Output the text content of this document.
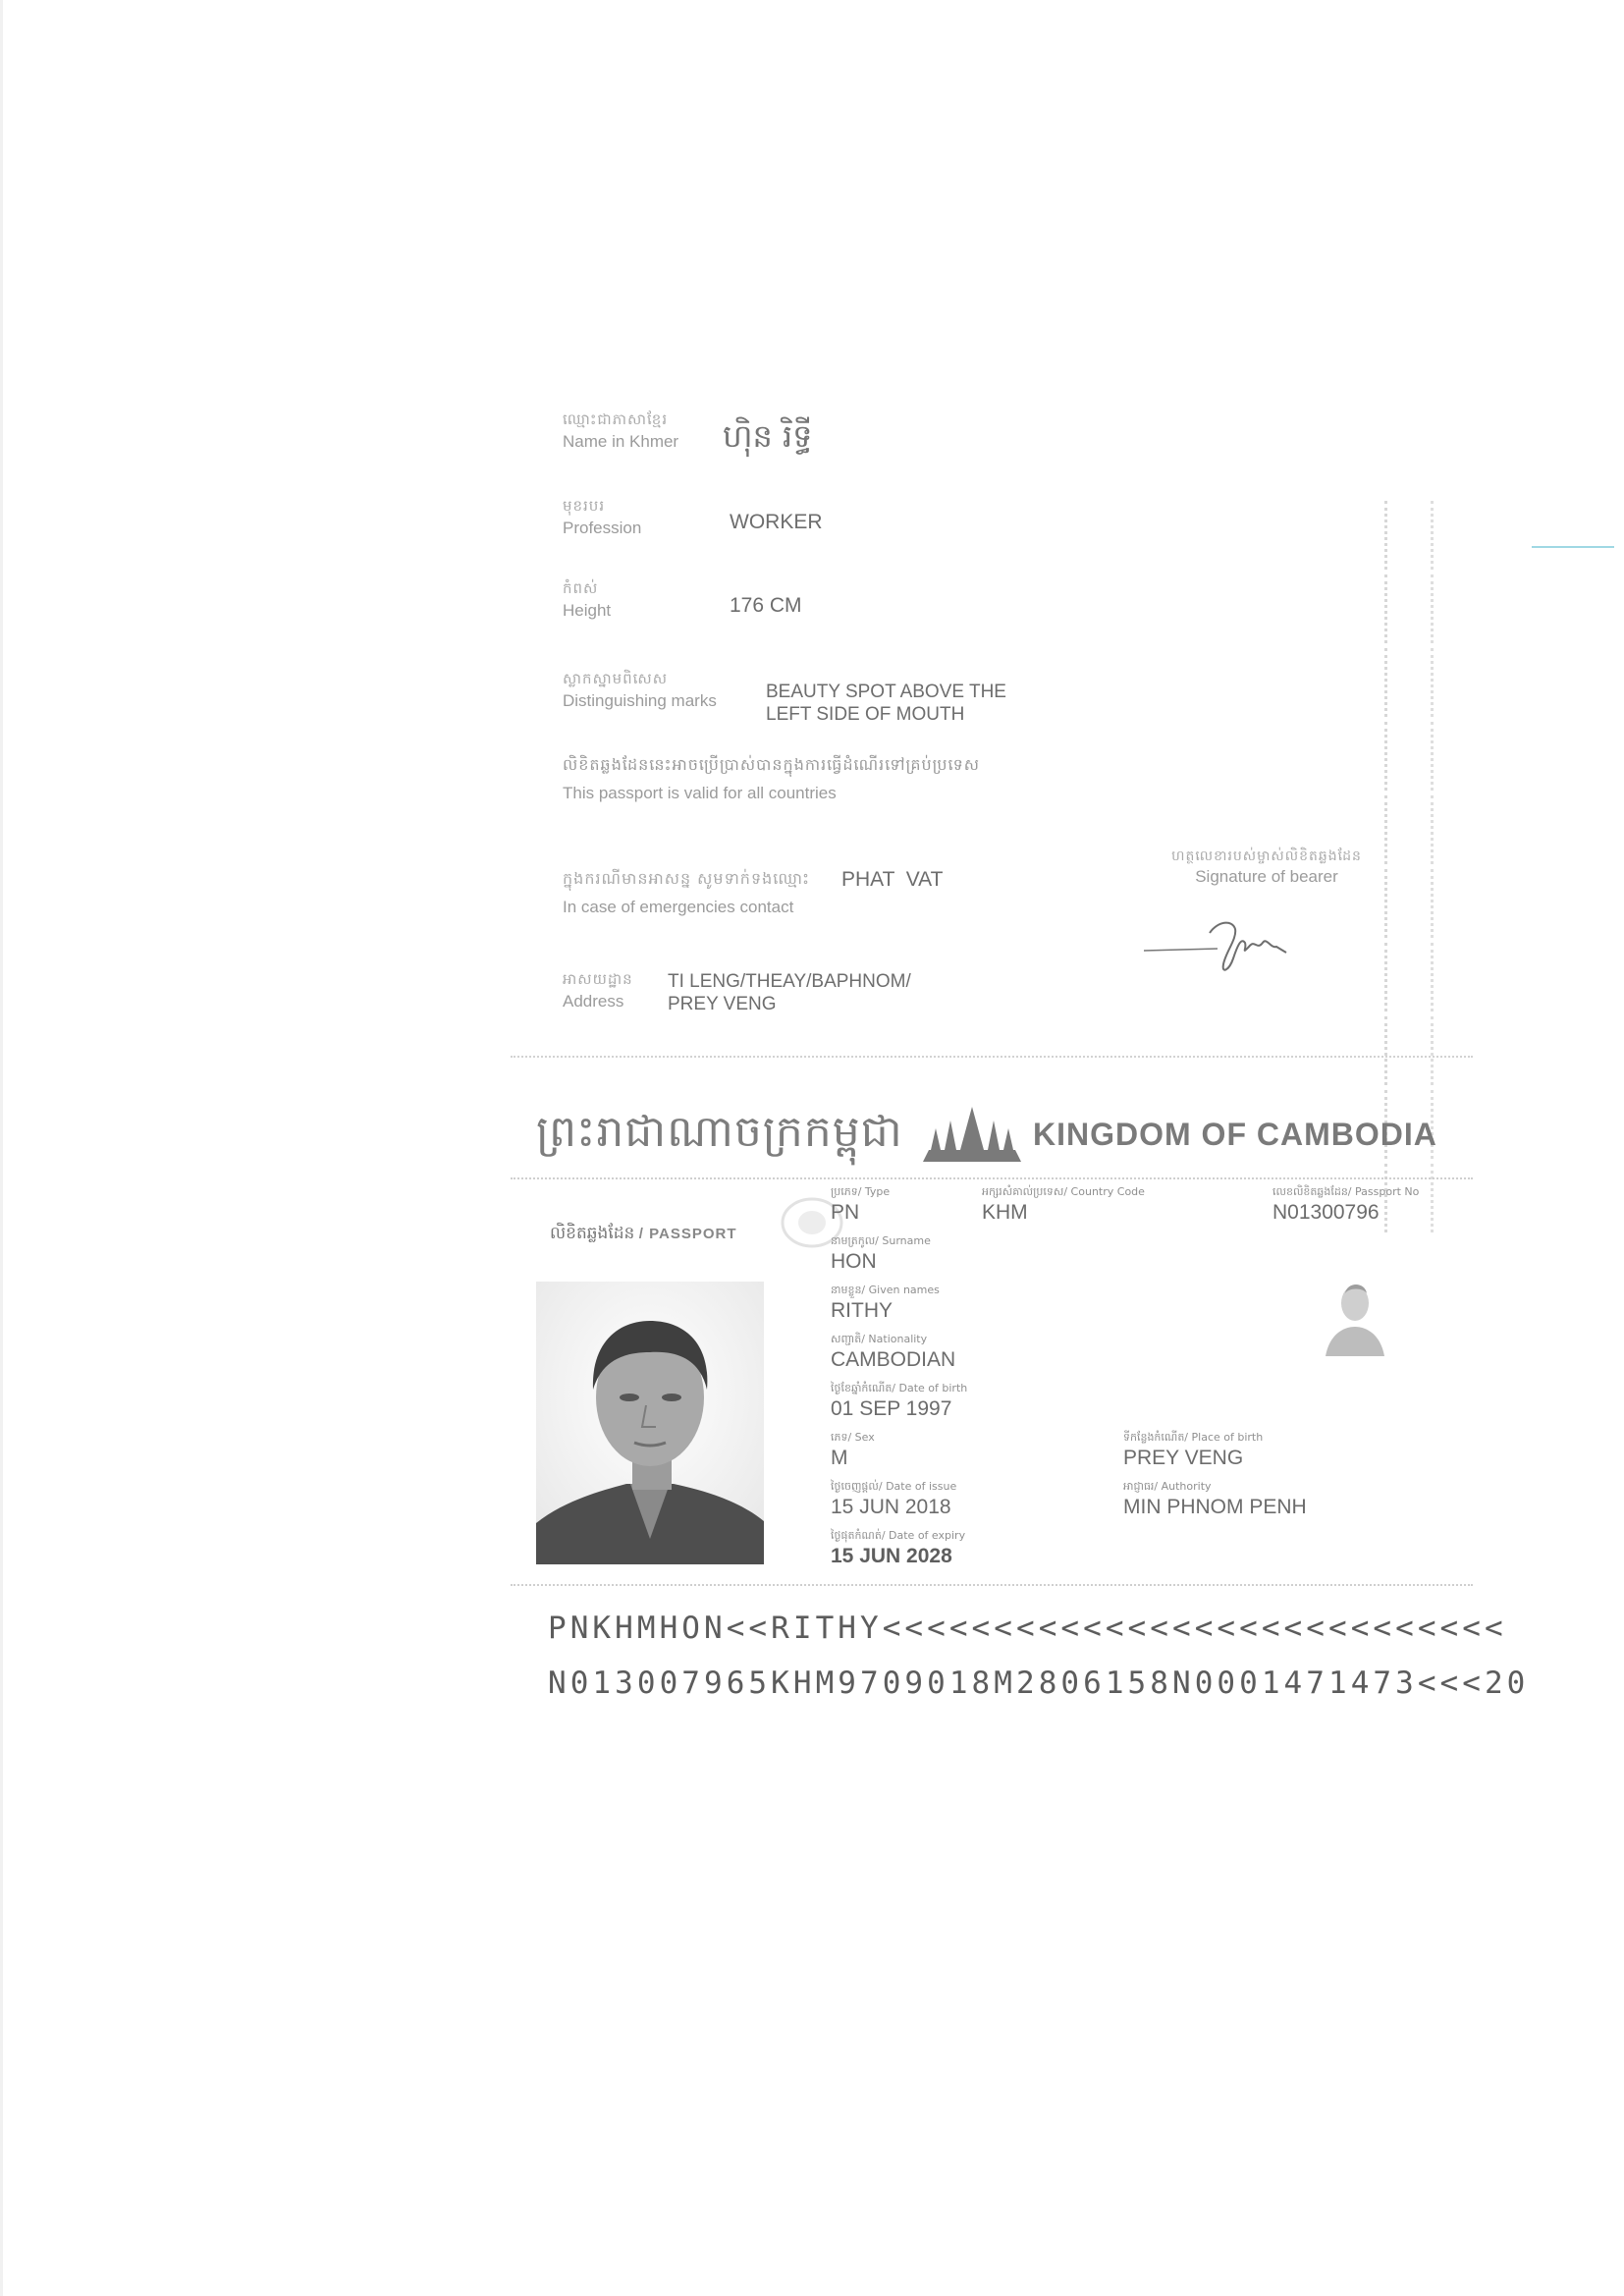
ឈ្មោះជាភាសាខ្មែរ
Name in Khmer ហ៊ិន រិទ្ធី
មុខរបរ
Profession	WORKER
កំពស់
Height	176 CM
ស្លាកស្នាមពិសេស
Distinguishing marks	BEAUTY SPOT ABOVE THE
LEFT SIDE OF MOUTH
លិខិតឆ្លងដែននេះអាចប្រើប្រាស់បានក្នុងការធ្វើដំណើរទៅគ្រប់ប្រទេស
This passport is valid for all countries
ក្នុងករណីមានអាសន្ន សូមទាក់ទងឈ្មោះ
In case of emergencies contact
PHAT  VAT
ហត្ថលេខារបស់ម្ចាស់លិខិតឆ្លងដែន
Signature of bearer
អាសយដ្ឋាន
Address
TI LENG/THEAY/BAPHNOM/
PREY VENG
ព្រះរាជាណាចក្រកម្ពុជា	KINGDOM OF CAMBODIA
លិខិតឆ្លងដែន / PASSPORT
ប្រភេទ/ Type
PN
នាមត្រកូល/ Surname
HON
នាមខ្លួន/ Given names
RITHY
សញ្ជាតិ/ Nationality
CAMBODIAN
ថ្ងៃខែឆ្នាំកំណើត/ Date of birth
01 SEP 1997
ភេទ/ Sex
M
ថ្ងៃចេញផ្តល់/ Date of issue
15 JUN 2018
ថ្ងៃផុតកំណត់/ Date of expiry
15 JUN 2028
អក្សរសំគាល់ប្រទេស/ Country Code
KHM
លេខលិខិតឆ្លងដែន/ Passport No
N01300796
ទីកន្លែងកំណើត/ Place of birth
PREY VENG
អាជ្ញាធរ/ Authority
MIN PHNOM PENH
PNKHMHON<<RITHY<<<<<<<<<<<<<<<<<<<<<<<<<<<<
N013007965KHM9709018M2806158N0001471473<<<20
